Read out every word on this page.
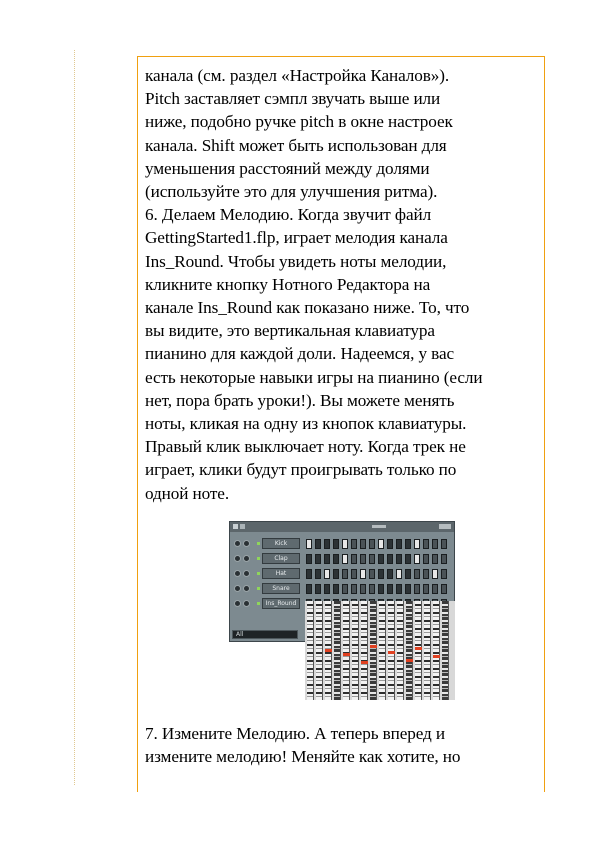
канала (см. раздел «Настройка Каналов»).
Pitch заставляет сэмпл звучать выше или
ниже, подобно ручке pitch в окне настроек
канала. Shift может быть использован для
уменьшения расстояний между долями
(используйте это для улучшения ритма).
6. Делаем Мелодию. Когда звучит файл
GettingStarted1.flp, играет мелодия канала
Ins_Round. Чтобы увидеть ноты мелодии,
кликните кнопку Нотного Редактора на
канале Ins_Round как показано ниже. То, что
вы видите, это вертикальная клавиатура
пианино для каждой доли. Надеемся, у вас
есть некоторые навыки игры на пианино (если
нет, пора брать уроки!). Вы можете менять
ноты, кликая на одну из кнопок клавиатуры.
Правый клик выключает ноту. Когда трек не
играет, клики будут проигрывать только по
одной ноте.
Kick
Clap
Hat
Snare
Ins_Round
All
7. Измените Мелодию. А теперь вперед и
измените мелодию! Меняйте как хотите, но
